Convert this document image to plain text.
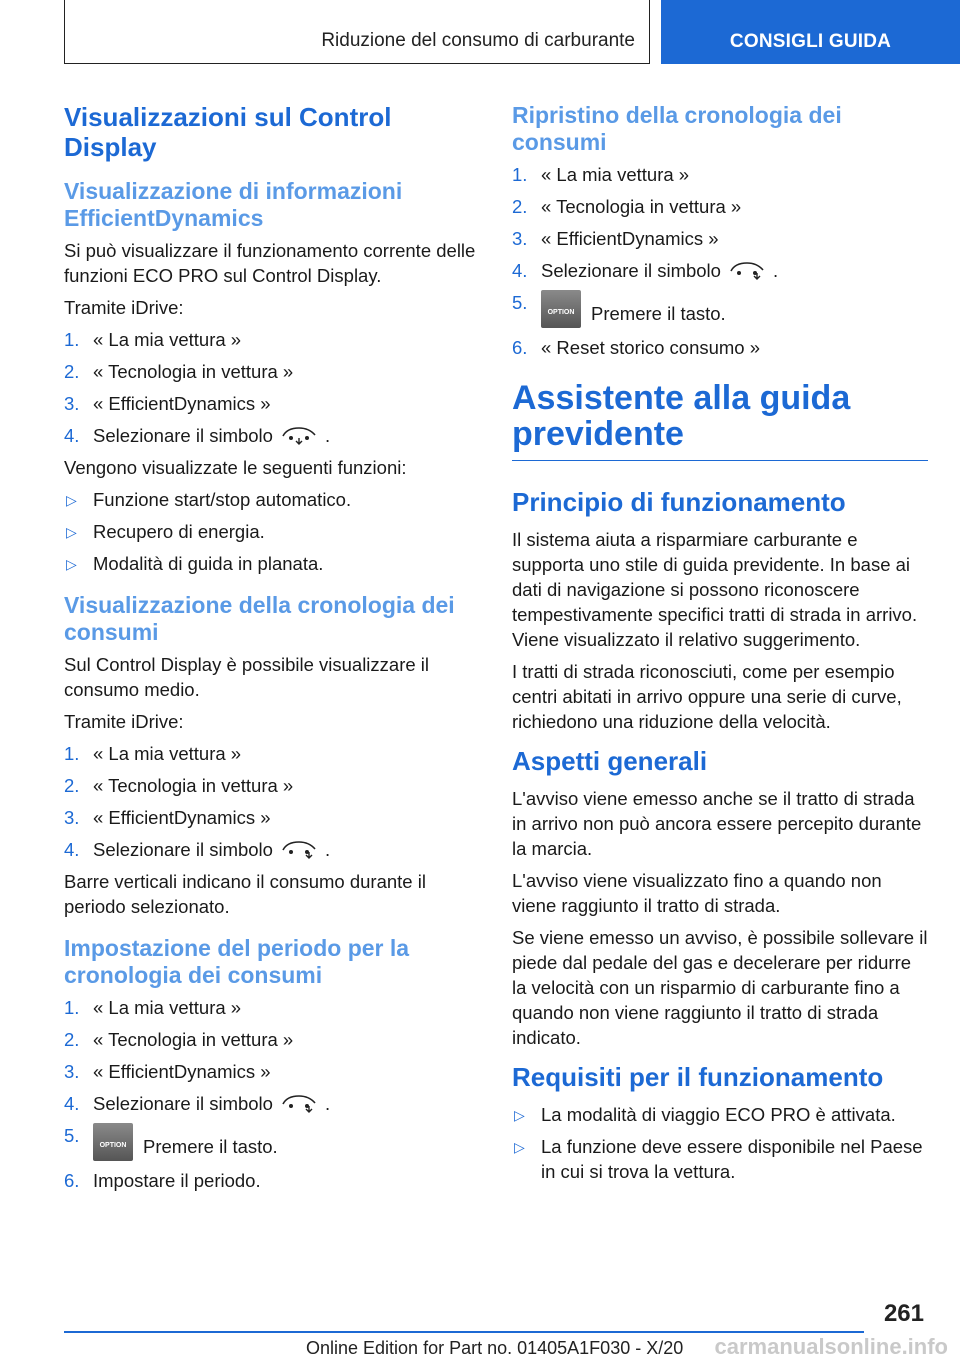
Riduzione del consumo di carburante	CONSIGLI GUIDA
Visualizzazioni sul Control Display
Visualizzazione di informazioni EfficientDynamics

Si può visualizzare il funzionamento corrente delle funzioni ECO PRO sul Control Display.

Tramite iDrive:

1. « La mia vettura »
2. « Tecnologia in vettura »
3. « EfficientDynamics »
4. Selezionare il simbolo	.

Vengono visualizzate le seguenti funzioni:

▷ Funzione start/stop automatico.
▷ Recupero di energia.
▷ Modalità di guida in planata.
Visualizzazione della cronologia dei consumi

Sul Control Display è possibile visualizzare il consumo medio.

Tramite iDrive:

1. « La mia vettura »
2. « Tecnologia in vettura »
3. « EfficientDynamics »
4. Selezionare il simbolo	.

Barre verticali indicano il consumo durante il periodo selezionato.

Impostazione del periodo per la cronologia dei consumi
1. « La mia vettura »
2. « Tecnologia in vettura »
3. « EfficientDynamics »
4. Selezionare il simbolo	.
5.	OPTION Premere il tasto.
6. Impostare il periodo.
Ripristino della cronologia dei consumi
1. « La mia vettura »
2. « Tecnologia in vettura »
3. « EfficientDynamics »
4. Selezionare il simbolo	.
5.	OPTION Premere il tasto.
6. « Reset storico consumo »
Assistente alla guida previdente
Principio di funzionamento

Il sistema aiuta a risparmiare carburante e supporta uno stile di guida previdente. In base ai dati di navigazione si possono riconoscere tempestivamente specifici tratti di strada in arrivo. Viene visualizzato il relativo suggerimento.

I tratti di strada riconosciuti, come per esempio centri abitati in arrivo oppure una serie di curve, richiedono una riduzione della velocità.

Aspetti generali

L'avviso viene emesso anche se il tratto di strada in arrivo non può ancora essere percepito durante la marcia.

L'avviso viene visualizzato fino a quando non viene raggiunto il tratto di strada.

Se viene emesso un avviso, è possibile sollevare il piede dal pedale del gas e decelerare per ridurre la velocità con un risparmio di carburante fino a quando non viene raggiunto il tratto di strada indicato.

Requisiti per il funzionamento
▷ La modalità di viaggio ECO PRO è attivata.
▷ La funzione deve essere disponibile nel Paese in cui si trova la vettura.
261
Online Edition for Part no. 01405A1F030 - X/20 carmanualsonline.info
